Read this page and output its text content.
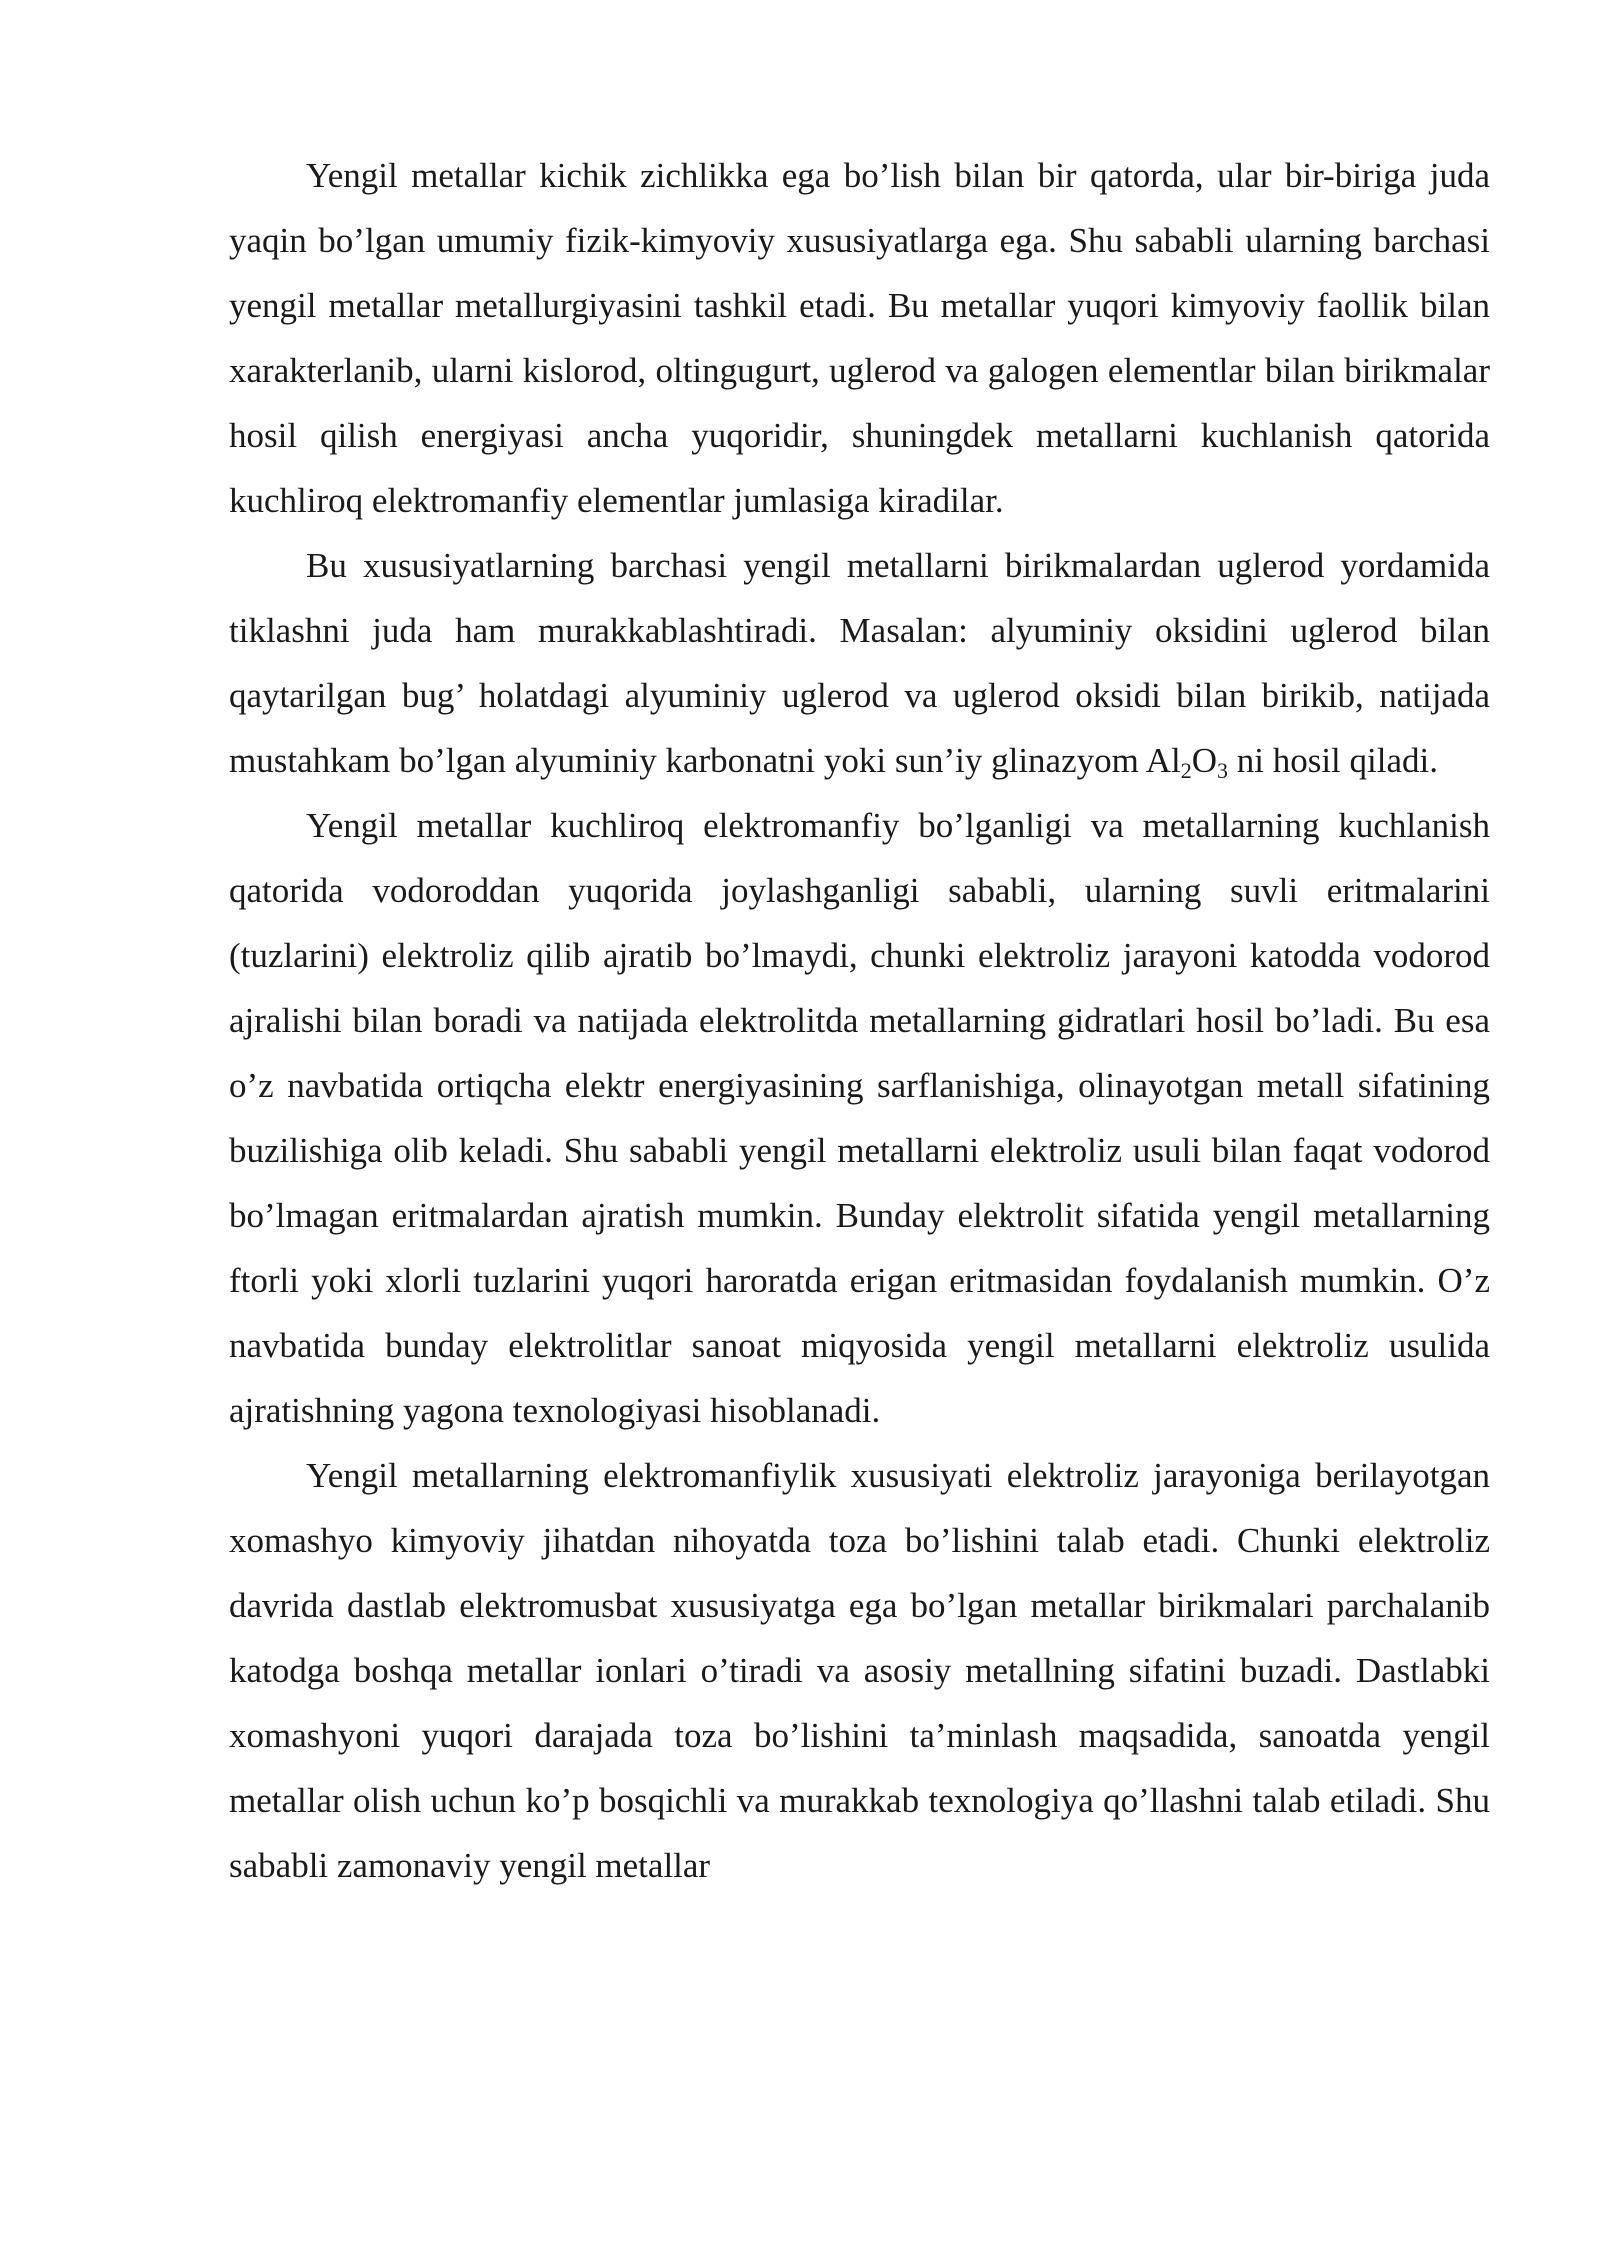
Yengil metallar kichik zichlikka ega bo’lish bilan bir qatorda, ular bir-biriga juda yaqin bo’lgan umumiy fizik-kimyoviy xususiyatlarga ega. Shu sababli ularning barchasi yengil metallar metallurgiyasini tashkil etadi. Bu metallar yuqori kimyoviy faollik bilan xarakterlanib, ularni kislorod, oltingugurt, uglerod va galogen elementlar bilan birikmalar hosil qilish energiyasi ancha yuqoridir, shuningdek metallarni kuchlanish qatorida kuchliroq elektromanfiy elementlar jumlasiga kiradilar.

Bu xususiyatlarning barchasi yengil metallarni birikmalardan uglerod yordamida tiklashni juda ham murakkablashtiradi. Masalan: alyuminiy oksidini uglerod bilan qaytarilgan bug’ holatdagi alyuminiy uglerod va uglerod oksidi bilan birikib, natijada mustahkam bo’lgan alyuminiy karbonatni yoki sun’iy glinazyom $Al_2O_3$ ni hosil qiladi.

Yengil metallar kuchliroq elektromanfiy bo’lganligi va metallarning kuchlanish qatorida vodoroddan yuqorida joylashganligi sababli, ularning suvli eritmalarini (tuzlarini) elektroliz qilib ajratib bo’lmaydi, chunki elektroliz jarayoni katodda vodorod ajralishi bilan boradi va natijada elektrolitda metallarning gidratlari hosil bo’ladi. Bu esa o’z navbatida ortiqcha elektr energiyasining sarflanishiga, olinayotgan metall sifatining buzilishiga olib keladi. Shu sababli yengil metallarni elektroliz usuli bilan faqat vodorod bo’lmagan eritmalardan ajratish mumkin. Bunday elektrolit sifatida yengil metallarning ftorli yoki xlorli tuzlarini yuqori haroratda erigan eritmasidan foydalanish mumkin. O’z navbatida bunday elektrolitlar sanoat miqyosida yengil metallarni elektroliz usulida ajratishning yagona texnologiyasi hisoblanadi.

Yengil metallarning elektromanfiylik xususiyati elektroliz jarayoniga berilayotgan xomashyo kimyoviy jihatdan nihoyatda toza bo’lishini talab etadi. Chunki elektroliz davrida dastlab elektromusbat xususiyatga ega bo’lgan metallar birikmalari parchalanib katodga boshqa metallar ionlari o’tiradi va asosiy metallning sifatini buzadi. Dastlabki xomashyoni yuqori darajada toza bo’lishini ta’minlash maqsadida, sanoatda yengil metallar olish uchun ko’p bosqichli va murakkab texnologiya qo’llashni talab etiladi. Shu sababli zamonaviy yengil metallar
